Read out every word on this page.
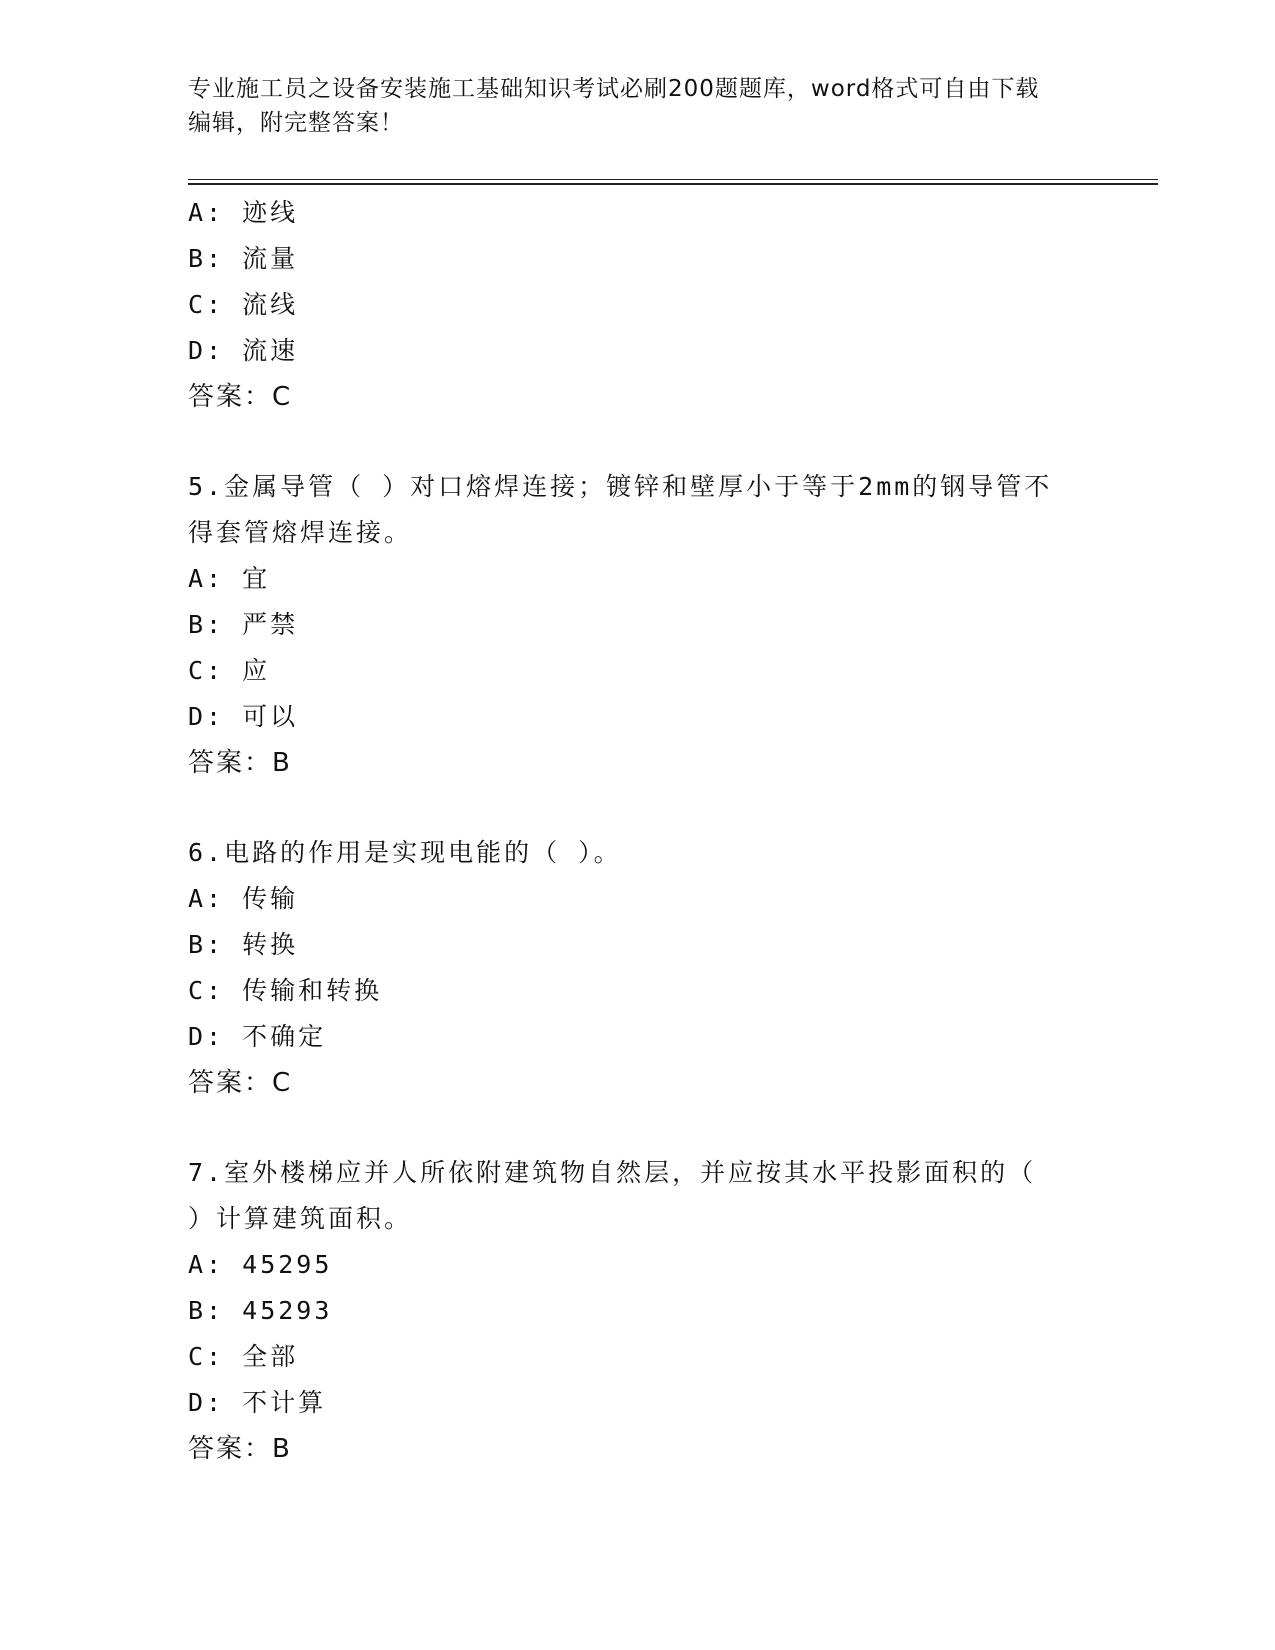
专业施工员之设备安装施工基础知识考试必刷200题题库，word格式可自由下载
编辑，附完整答案！
A: 迹线
B: 流量
C: 流线
D: 流速
答案：C
5.金属导管（ ）对口熔焊连接；镀锌和壁厚小于等于2mm的钢导管不
得套管熔焊连接。
A: 宜
B: 严禁
C: 应
D: 可以
答案：B
6.电路的作用是实现电能的（ ）。
A: 传输
B: 转换
C: 传输和转换
D: 不确定
答案：C
7.室外楼梯应并人所依附建筑物自然层，并应按其水平投影面积的（
）计算建筑面积。
A: 45295
B: 45293
C: 全部
D: 不计算
答案：B
